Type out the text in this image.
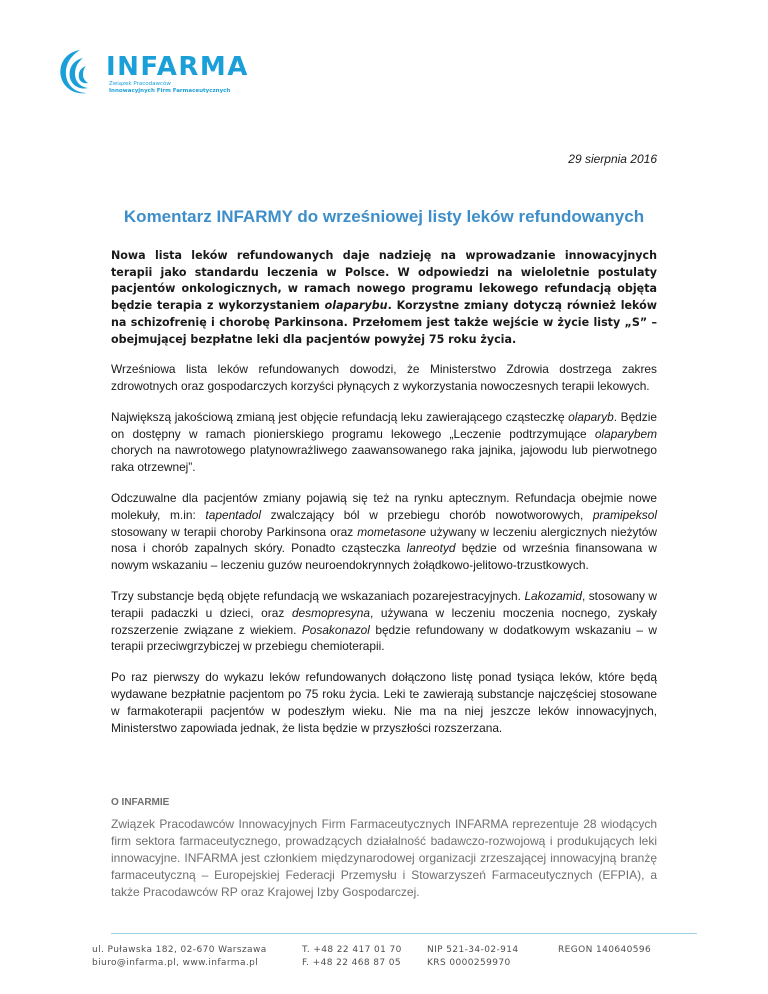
INFARMA
Związek Pracodawców
Innowacyjnych Firm Farmaceutycznych
29 sierpnia 2016
Komentarz INFARMY do wrześniowej listy leków refundowanych

Nowa lista leków refundowanych daje nadzieję na wprowadzanie innowacyjnych terapii jako standardu leczenia w Polsce. W odpowiedzi na wieloletnie postulaty pacjentów onkologicznych, w ramach nowego programu lekowego refundacją objęta będzie terapia z wykorzystaniem olaparybu. Korzystne zmiany dotyczą również leków na schizofrenię i chorobę Parkinsona. Przełomem jest także wejście w życie listy „S” – obejmującej bezpłatne leki dla pacjentów powyżej 75 roku życia.

Wrześniowa lista leków refundowanych dowodzi, że Ministerstwo Zdrowia dostrzega zakres zdrowotnych oraz gospodarczych korzyści płynących z wykorzystania nowoczesnych terapii lekowych.

Największą jakościową zmianą jest objęcie refundacją leku zawierającego cząsteczkę olaparyb. Będzie on dostępny w ramach pionierskiego programu lekowego „Leczenie podtrzymujące olaparybem chorych na nawrotowego platynowrażliwego zaawansowanego raka jajnika, jajowodu lub pierwotnego raka otrzewnej”.

Odczuwalne dla pacjentów zmiany pojawią się też na rynku aptecznym. Refundacja obejmie nowe molekuły, m.in: tapentadol zwalczający ból w przebiegu chorób nowotworowych, pramipeksol stosowany w terapii choroby Parkinsona oraz mometasone używany w leczeniu alergicznych nieżytów nosa i chorób zapalnych skóry. Ponadto cząsteczka lanreotyd będzie od września finansowana w nowym wskazaniu – leczeniu guzów neuroendokrynnych żołądkowo-jelitowo-trzustkowych.

Trzy substancje będą objęte refundacją we wskazaniach pozarejestracyjnych. Lakozamid, stosowany w terapii padaczki u dzieci, oraz desmopresyna, używana w leczeniu moczenia nocnego, zyskały rozszerzenie związane z wiekiem. Posakonazol będzie refundowany w dodatkowym wskazaniu – w terapii przeciwgrzybiczej w przebiegu chemioterapii.

Po raz pierwszy do wykazu leków refundowanych dołączono listę ponad tysiąca leków, które będą wydawane bezpłatnie pacjentom po 75 roku życia. Leki te zawierają substancje najczęściej stosowane w farmakoterapii pacjentów w podeszłym wieku. Nie ma na niej jeszcze leków innowacyjnych, Ministerstwo zapowiada jednak, że lista będzie w przyszłości rozszerzana.

O INFARMIE

Związek Pracodawców Innowacyjnych Firm Farmaceutycznych INFARMA reprezentuje 28 wiodących firm sektora farmaceutycznego, prowadzących działalność badawczo-rozwojową i produkujących leki innowacyjne. INFARMA jest członkiem międzynarodowej organizacji zrzeszającej innowacyjną branżę farmaceutyczną – Europejskiej Federacji Przemysłu i Stowarzyszeń Farmaceutycznych (EFPIA), a także Pracodawców RP oraz Krajowej Izby Gospodarczej.

ul. Puławska 182, 02-670 Warszawa
biuro@infarma.pl, www.infarma.pl
T. +48 22 417 01 70
F. +48 22 468 87 05
NIP 521-34-02-914
KRS 0000259970
REGON 140640596
